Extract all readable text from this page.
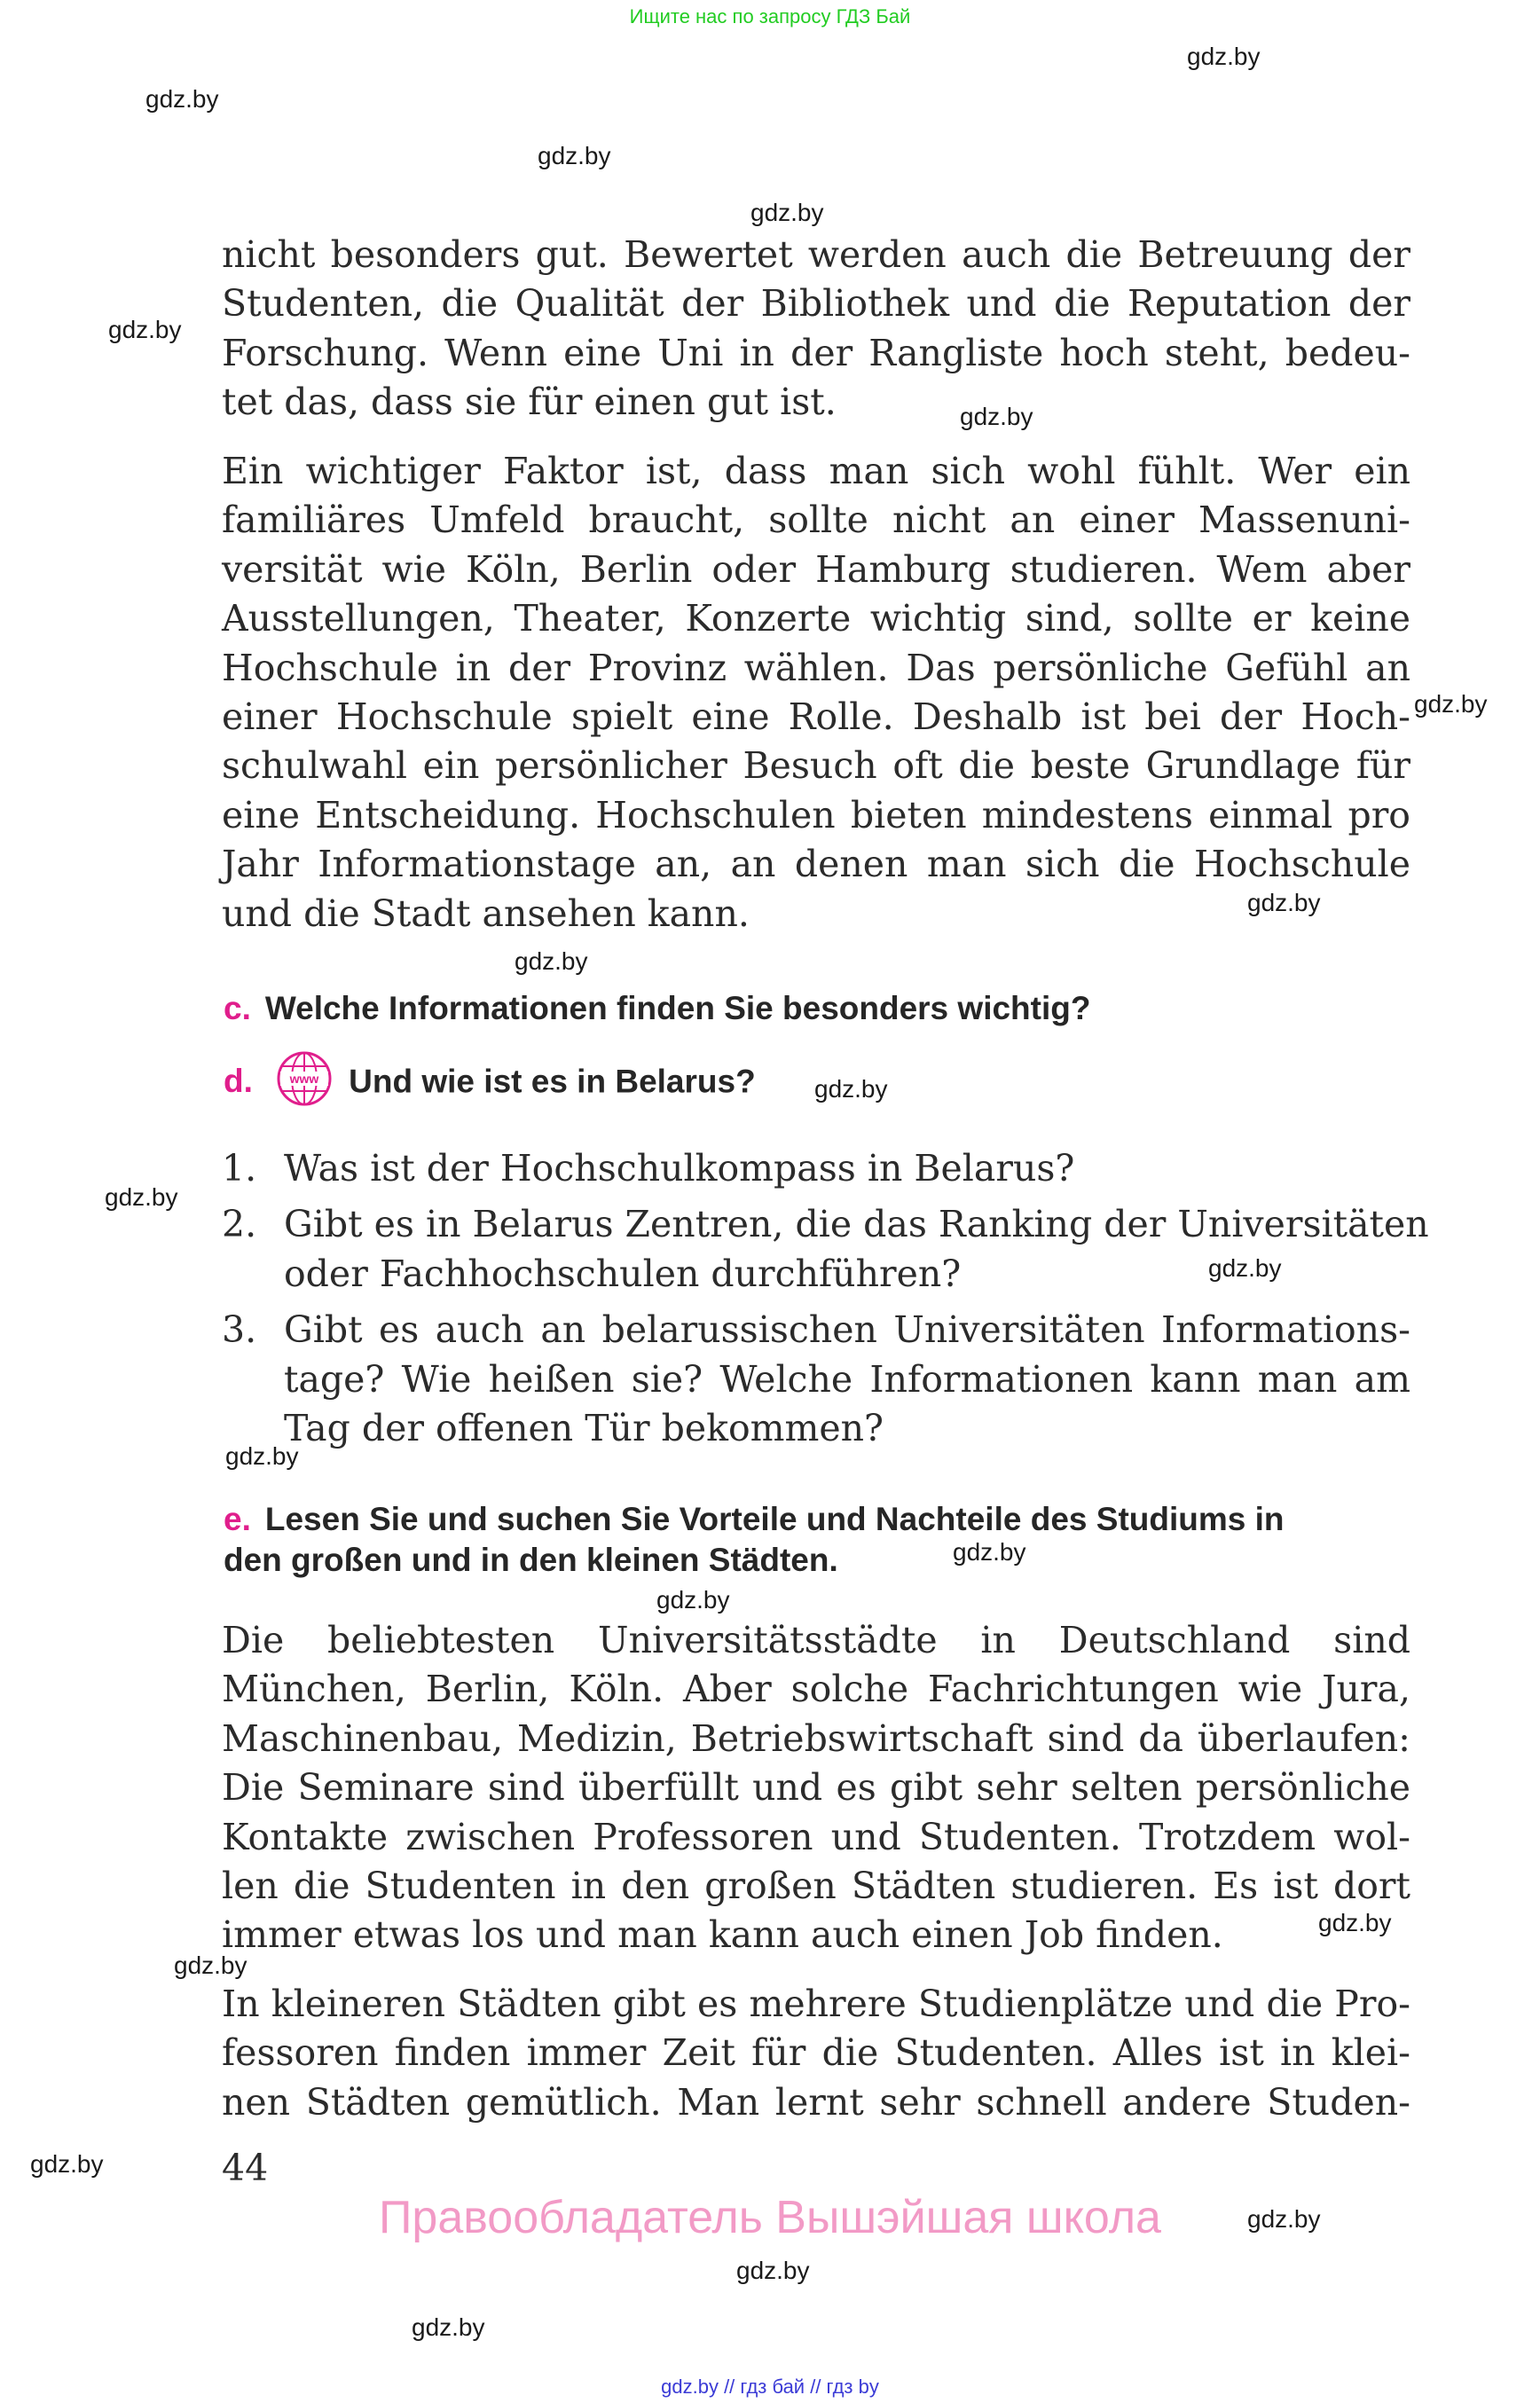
Ищите нас по запросу ГДЗ Бай
gdz.by
gdz.by
gdz.by
gdz.by
gdz.by
gdz.by
gdz.by
gdz.by
gdz.by
gdz.by
gdz.by
gdz.by
gdz.by
gdz.by
gdz.by
gdz.by
gdz.by
gdz.by
gdz.by
gdz.by
gdz.by
nicht besonders gut. Bewertet werden auch die Betreuung der
Studenten, die Qualität der Bibliothek und die Reputation der
Forschung. Wenn eine Uni in der Rangliste hoch steht, bedeu-
tet das, dass sie für einen gut ist.
Ein wichtiger Faktor ist, dass man sich wohl fühlt. Wer ein
familiäres Umfeld braucht, sollte nicht an einer Massenuni-
versität wie Köln, Berlin oder Hamburg studieren. Wem aber
Ausstellungen, Theater, Konzerte wichtig sind, sollte er keine
Hochschule in der Provinz wählen. Das persönliche Gefühl an
einer Hochschule spielt eine Rolle. Deshalb ist bei der Hoch-
schulwahl ein persönlicher Besuch oft die beste Grundlage für
eine Entscheidung. Hochschulen bieten mindestens einmal pro
Jahr Informationstage an, an denen man sich die Hochschule
und die Stadt ansehen kann.
c. Welche Informationen finden Sie besonders wichtig?
d.	www Und wie ist es in Belarus?
1. Was ist der Hochschulkompass in Belarus?
2. Gibt es in Belarus Zentren, die das Ranking der Universitäten
oder Fachhochschulen durchführen?
3. Gibt es auch an belarussischen Universitäten Informations-
tage? Wie heißen sie? Welche Informationen kann man am
Tag der offenen Tür bekommen?
e. Lesen Sie und suchen Sie Vorteile und Nachteile des Studiums in
den großen und in den kleinen Städten.
Die beliebtesten Universitätsstädte in Deutschland sind
München, Berlin, Köln. Aber solche Fachrichtungen wie Jura,
Maschinenbau, Medizin, Betriebswirtschaft sind da überlaufen:
Die Seminare sind überfüllt und es gibt sehr selten persönliche
Kontakte zwischen Professoren und Studenten. Trotzdem wol-
len die Studenten in den großen Städten studieren. Es ist dort
immer etwas los und man kann auch einen Job finden.
In kleineren Städten gibt es mehrere Studienplätze und die Pro-
fessoren finden immer Zeit für die Studenten. Alles ist in klei-
nen Städten gemütlich. Man lernt sehr schnell andere Studen-
44
Правообладатель Вышэйшая школа
gdz.by // гдз бай // гдз by
